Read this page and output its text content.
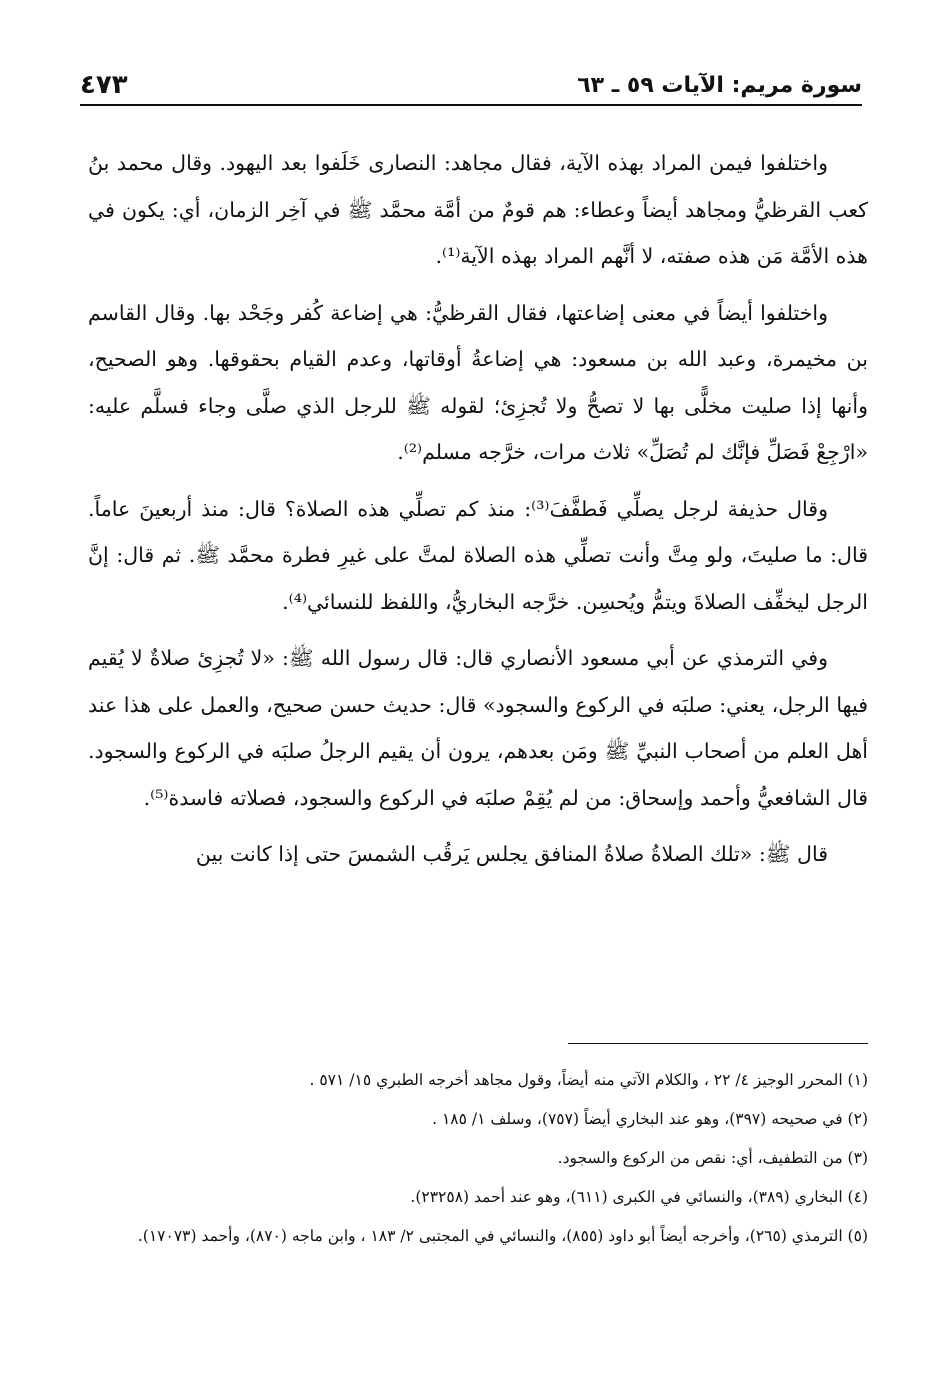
سورة مريم: الآيات ٥٩ ـ ٦٣
٤٧٣

واختلفوا فيمن المراد بهذه الآية، فقال مجاهد: النصارى خَلَفوا بعد اليهود. وقال محمد بنُ كعب القرظيُّ ومجاهد أيضاً وعطاء: هم قومٌ من أمَّة محمَّد ﷺ في آخِر الزمان، أي: يكون في هذه الأمَّة مَن هذه صفته، لا أنَّهم المراد بهذه الآية⁽¹⁾.

واختلفوا أيضاً في معنى إضاعتها، فقال القرظيُّ: هي إضاعة كُفر وجَحْد بها. وقال القاسم بن مخيمرة، وعبد الله بن مسعود: هي إضاعةُ أوقاتها، وعدم القيام بحقوقها. وهو الصحيح، وأنها إذا صليت مخلًّى بها لا تصحُّ ولا تُجزِئ؛ لقوله ﷺ للرجل الذي صلَّى وجاء فسلَّم عليه: «ارْجِعْ فَصَلِّ فإنَّك لم تُصَلِّ» ثلاث مرات، خرَّجه مسلم⁽²⁾.

وقال حذيفة لرجل يصلِّي فَطفَّفَ⁽³⁾: منذ كم تصلِّي هذه الصلاة؟ قال: منذ أربعينَ عاماً. قال: ما صليتَ، ولو مِتَّ وأنت تصلِّي هذه الصلاة لمتَّ على غيرِ فطرة محمَّد ﷺ. ثم قال: إنَّ الرجل ليخفِّف الصلاةَ ويتمُّ ويُحسِن. خرَّجه البخاريُّ، واللفظ للنسائي⁽⁴⁾.

وفي الترمذي عن أبي مسعود الأنصاري قال: قال رسول الله ﷺ: «لا تُجزِئ صلاةٌ لا يُقيم فيها الرجل، يعني: صلبَه في الركوع والسجود» قال: حديث حسن صحيح، والعمل على هذا عند أهل العلم من أصحاب النبيِّ ﷺ ومَن بعدهم، يرون أن يقيم الرجلُ صلبَه في الركوع والسجود. قال الشافعيُّ وأحمد وإسحاق: من لم يُقِمْ صلبَه في الركوع والسجود، فصلاته فاسدة⁽⁵⁾.

قال ﷺ: «تلك الصلاةُ صلاةُ المنافق يجلس يَرقُب الشمسَ حتى إذا كانت بين

(١) المحرر الوجيز ٤/ ٢٢ ، والكلام الآتي منه أيضاً، وقول مجاهد أخرجه الطبري ١٥/ ٥٧١ .
(٢) في صحيحه (٣٩٧)، وهو عند البخاري أيضاً (٧٥٧)، وسلف ١/ ١٨٥ .
(٣) من التطفيف، أي: نقص من الركوع والسجود.
(٤) البخاري (٣٨٩)، والنسائي في الكبرى (٦١١)، وهو عند أحمد (٢٣٢٥٨).
(٥) الترمذي (٢٦٥)، وأخرجه أيضاً أبو داود (٨٥٥)، والنسائي في المجتبى ٢/ ١٨٣ ، وابن ماجه (٨٧٠)، وأحمد (١٧٠٧٣).
